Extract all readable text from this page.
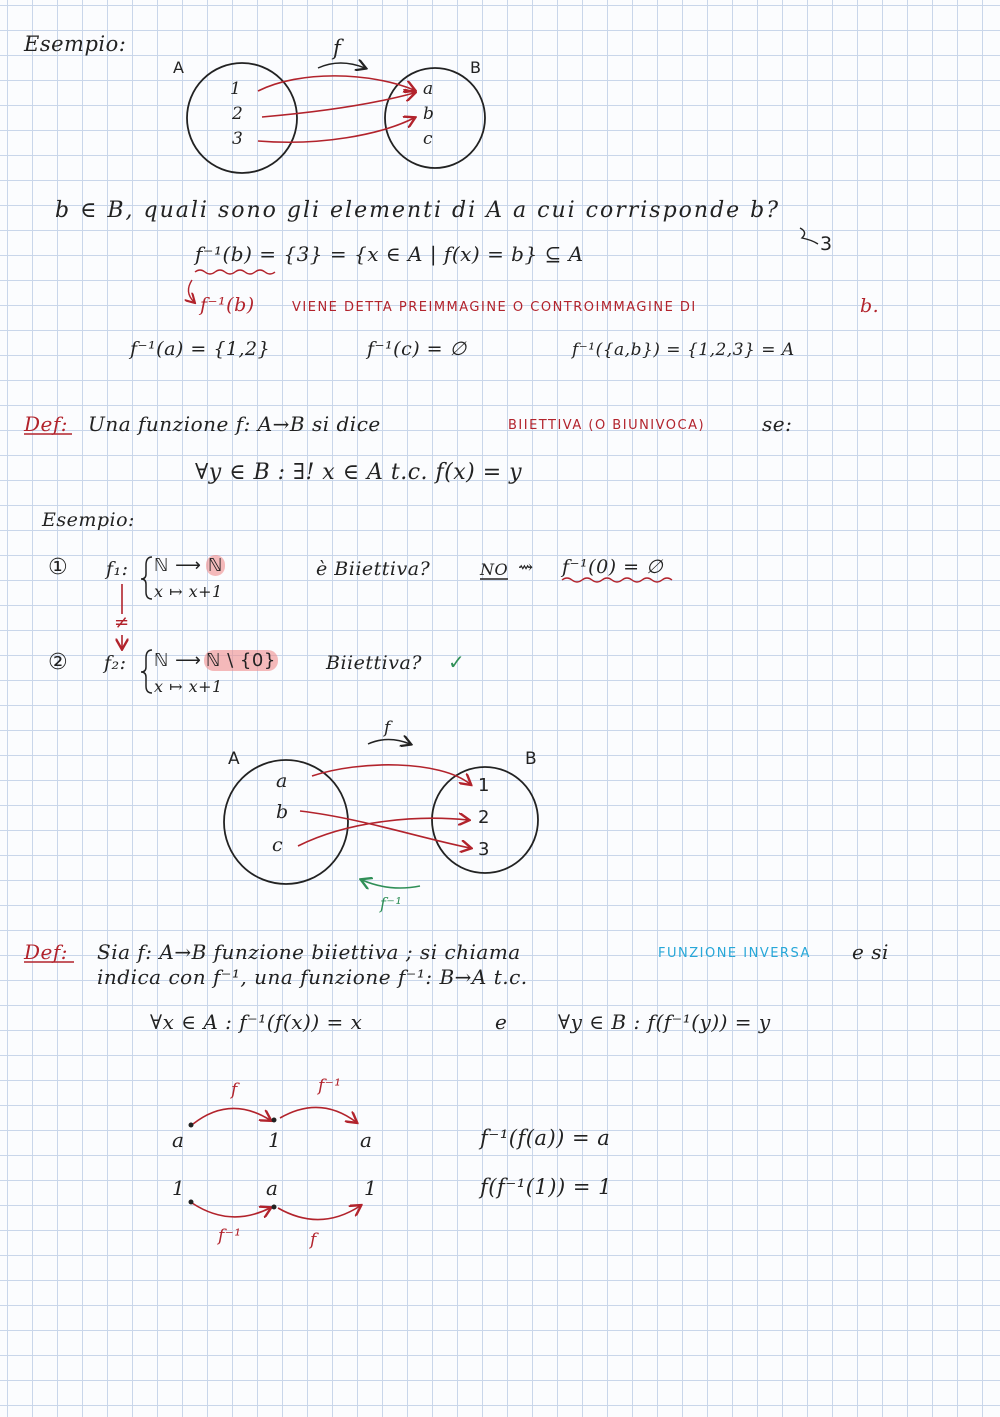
Esempio:	f
A	B
1
2
3
a
b
c
b ∈ B, quali sono gli elementi di A a cui corrisponde b?
3
f⁻¹(b) = {3} = {x ∈ A | f(x) = b} ⊆ A
f⁻¹(b)	VIENE DETTA PREIMMAGINE O CONTROIMMAGINE DI	b.
f⁻¹(a) = {1,2}	f⁻¹(c) = ∅	f⁻¹({a,b}) = {1,2,3} = A
Def: Una funzione f: A→B si dice	BIIETTIVA (O BIUNIVOCA)	se:
∀y ∈ B : ∃! x ∈ A t.c. f(x) = y
Esempio:
① f₁: ℕ ⟶ ℕ
x ↦ x+1
è Biiettiva?	NO ⇝ f⁻¹(0) = ∅
≠
② f₂: ℕ ⟶ ℕ \ {0}
x ↦ x+1
Biiettiva? ✓
f
A	B
a
b
c
1
2
3
f⁻¹
Def: Sia f: A→B funzione biiettiva ; si chiama	FUNZIONE INVERSA e si
indica con f⁻¹, una funzione f⁻¹: B→A t.c.
∀x ∈ A : f⁻¹(f(x)) = x	e	∀y ∈ B : f(f⁻¹(y)) = y
f	f⁻¹
a	1	a
1	a	1
f⁻¹	f
f⁻¹(f(a)) = a
f(f⁻¹(1)) = 1
